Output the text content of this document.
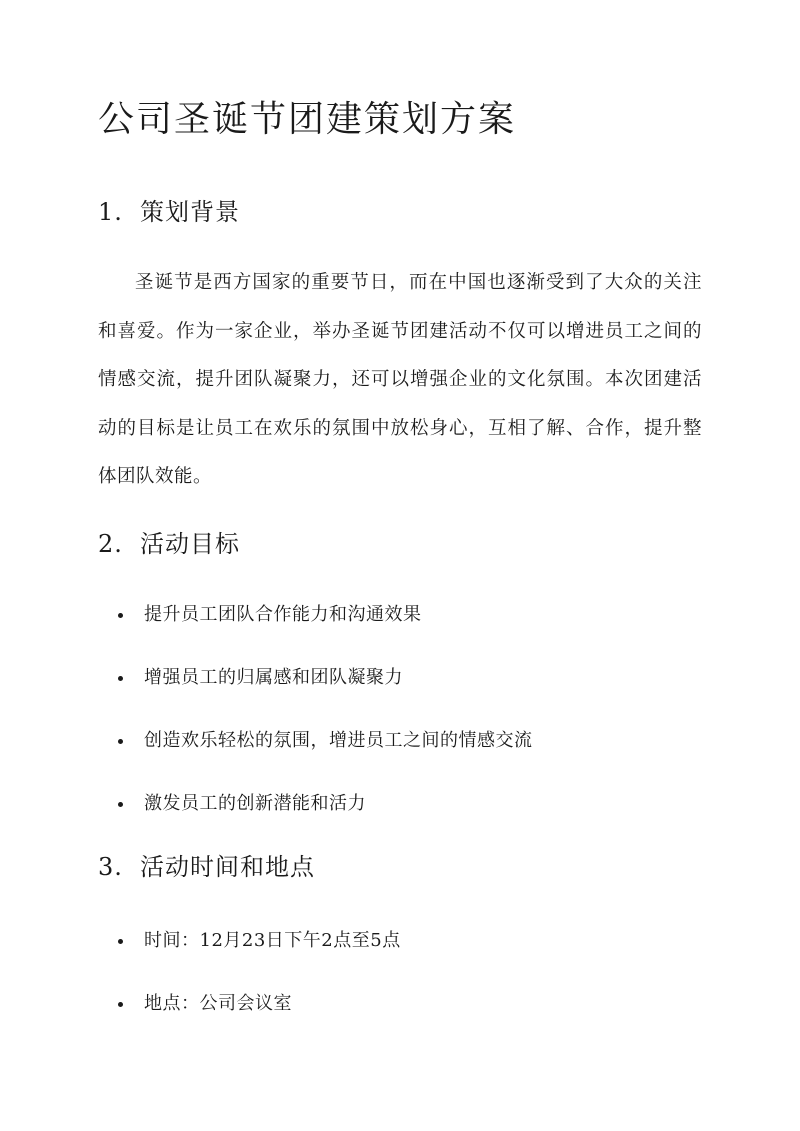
公司圣诞节团建策划方案
1. 策划背景

圣诞节是西方国家的重要节日，而在中国也逐渐受到了大众的关注和喜爱。作为一家企业，举办圣诞节团建活动不仅可以增进员工之间的情感交流，提升团队凝聚力，还可以增强企业的文化氛围。本次团建活动的目标是让员工在欢乐的氛围中放松身心，互相了解、合作，提升整体团队效能。

2. 活动目标
提升员工团队合作能力和沟通效果
增强员工的归属感和团队凝聚力
创造欢乐轻松的氛围，增进员工之间的情感交流
激发员工的创新潜能和活力
3. 活动时间和地点
时间：12月23日下午2点至5点
地点：公司会议室
